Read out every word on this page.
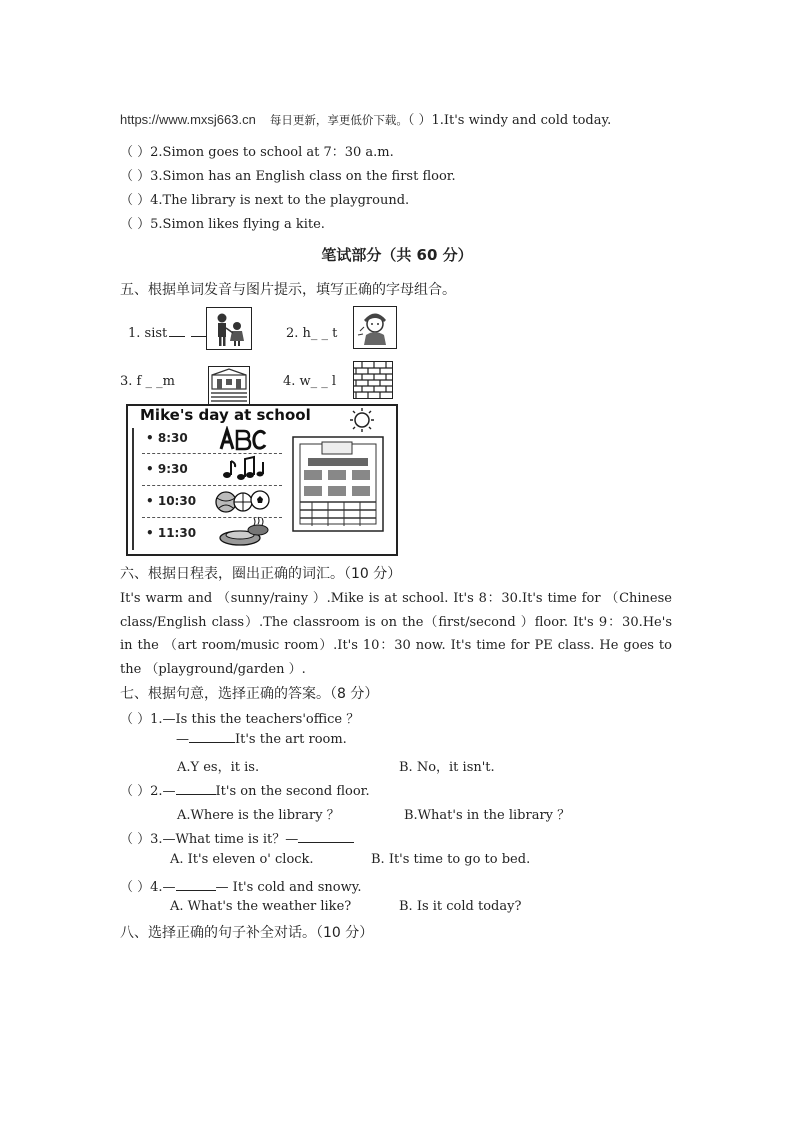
https://www.mxsj663.cn 每日更新，享更低价下载。（ ）1.It's windy and cold today.
（ ）2.Simon goes to school at 7：30 a.m.
（ ）3.Simon has an English class on the first floor.
（ ）4.The library is next to the playground.
（ ）5.Simon likes flying a kite.
笔试部分（共 60 分）
五、根据单词发音与图片提示，填写正确的字母组合。
1. sist	2. h_ _ t
3. f _ _m	4. w_ _ l
Mike's day at school
• 8:30
• 9:30
• 10:30
• 11:30
六、根据日程表，圈出正确的词汇。（10 分）
It's warm and （sunny/rainy ）.Mike is at school. It's 8：30.It's time for （Chinese class/English class）.The classroom is on the（first/second ）floor. It's 9：30.He's in the （art room/music room）.It's 10：30 now. It's time for PE class. He goes to the （playground/garden ）.
七、根据句意，选择正确的答案。（8 分）
（ ）1.—Is this the teachers'office ？
—	It's the art room.
A.Y es，it is.	B. No，it isn't.
（ ）2.—	It's on the second floor.
A.Where is the library ？	B.What's in the library ？
（ ）3.—What time is it？—
A. It's eleven o' clock.	B. It's time to go to bed.
（ ）4.—	— It's cold and snowy.
A. What's the weather like?	B. Is it cold today?
八、选择正确的句子补全对话。（10 分）
